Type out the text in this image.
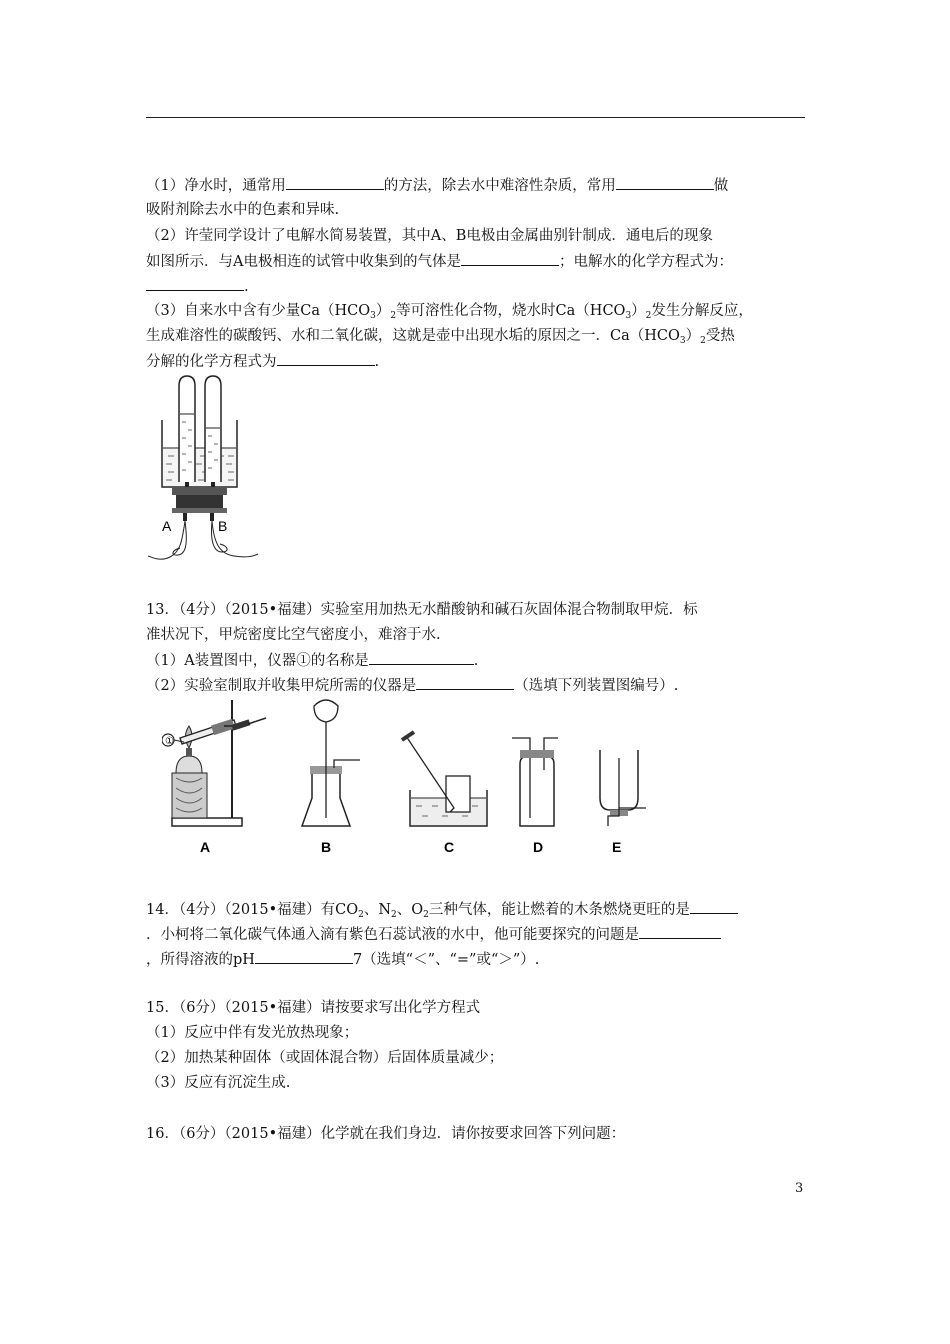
（1）净水时，通常用	的方法，除去水中难溶性杂质，常用	做
吸附剂除去水中的色素和异味.
（2）许莹同学设计了电解水简易装置，其中A、B电极由金属曲别针制成．通电后的现象
如图所示．与A电极相连的试管中收集到的气体是	；电解水的化学方程式为：
.
（3）自来水中含有少量$Ca(HCO_3)_2$等可溶性化合物，烧水时$Ca(HCO_3)_2$发生分解反应，
生成难溶性的碳酸钙、水和二氧化碳，这就是壶中出现水垢的原因之一．$Ca(HCO_3)_2$受热
分解的化学方程式为	.
A	B
13．（4分）（2015•福建）实验室用加热无水醋酸钠和碱石灰固体混合物制取甲烷．标
准状况下，甲烷密度比空气密度小，难溶于水.
（1）A装置图中，仪器①的名称是	.
（2）实验室制取并收集甲烷所需的仪器是	（选填下列装置图编号）.
①
A	B	C	D	E
14．（4分）（2015•福建）有$CO_2$、$N_2$、$O_2$三种气体，能让燃着的木条燃烧更旺的是
．小柯将二氧化碳气体通入滴有紫色石蕊试液的水中，他可能要探究的问题是
，所得溶液的pH	7（选填“＜”、“=”或“＞”）.
15．（6分）（2015•福建）请按要求写出化学方程式
（1）反应中伴有发光放热现象；
（2）加热某种固体（或固体混合物）后固体质量减少；
（3）反应有沉淀生成.
16．（6分）（2015•福建）化学就在我们身边．请你按要求回答下列问题：
3
